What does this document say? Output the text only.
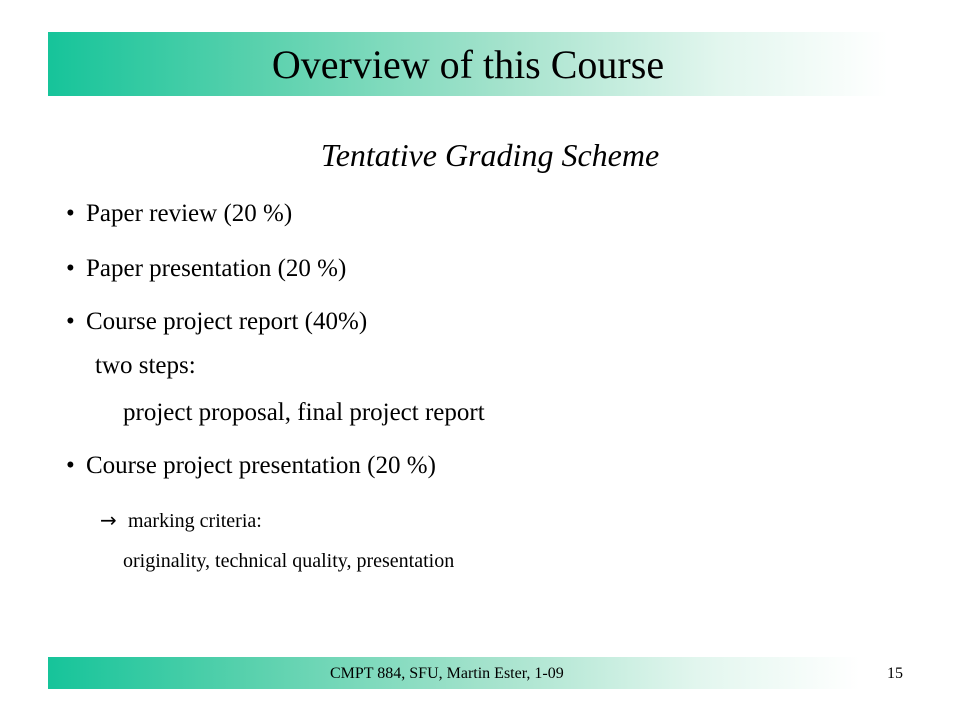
Overview of this Course
Tentative Grading Scheme
• Paper review (20 %)
• Paper presentation (20 %)
• Course project report (40%)
two steps:
project proposal, final project report
• Course project presentation (20 %)
→ marking criteria:
originality, technical quality, presentation
CMPT 884, SFU, Martin Ester, 1-09	15
